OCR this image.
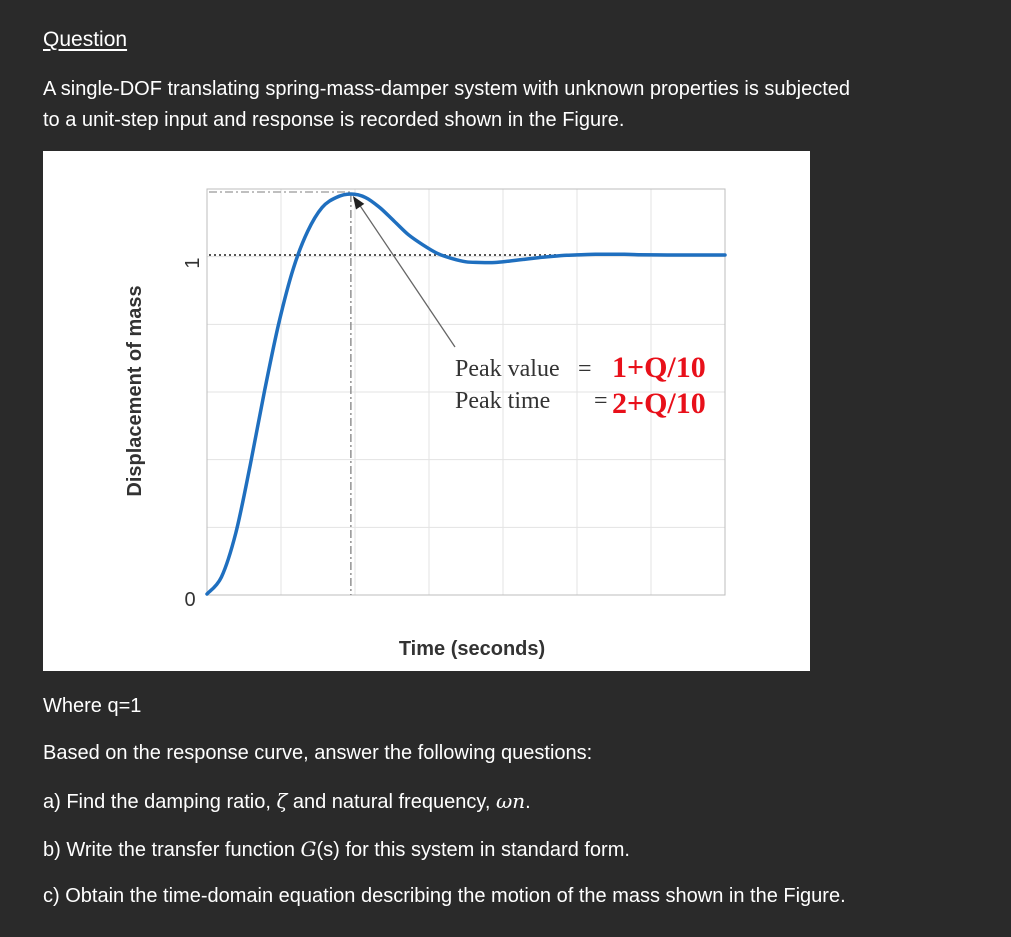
Question
A single-DOF translating spring-mass-damper system with unknown properties is subjected
to a unit-step input and response is recorded shown in the Figure.
0
1
Displacement of mass
Time (seconds)
Peak value = 1+Q/10
Peak time = 2+Q/10
Where q=1
Based on the response curve, answer the following questions:
a) Find the damping ratio, ζ and natural frequency, ωn.
b) Write the transfer function G(s) for this system in standard form.
c) Obtain the time-domain equation describing the motion of the mass shown in the Figure.
